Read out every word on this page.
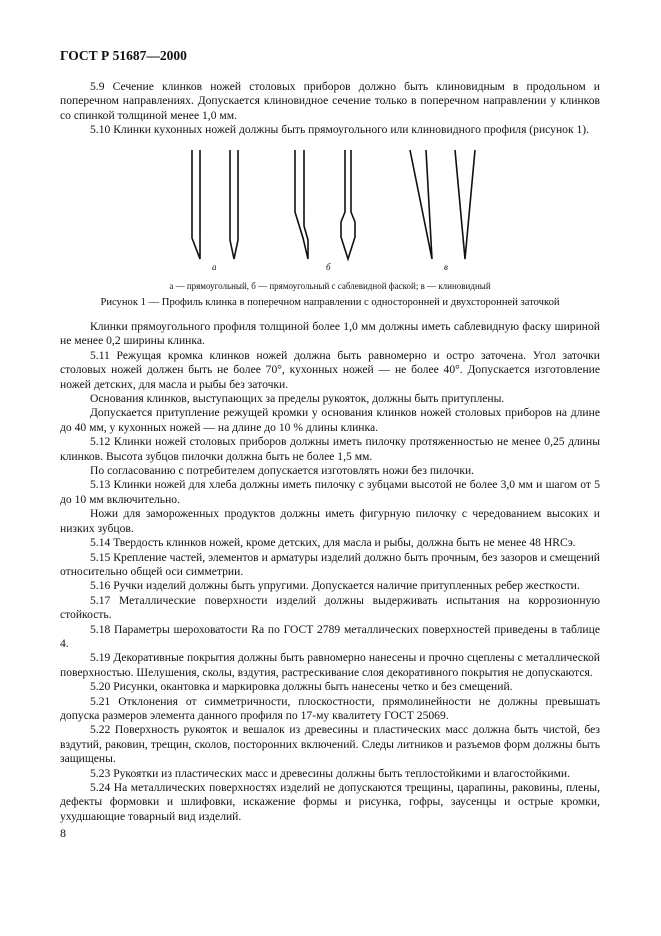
ГОСТ Р 51687—2000

5.9 Сечение клинков ножей столовых приборов должно быть клиновидным в продольном и поперечном направлениях. Допускается клиновидное сечение только в поперечном направлении у клинков со спинкой толщиной менее 1,0 мм.

5.10 Клинки кухонных ножей должны быть прямоугольного или клиновидного профиля (рисунок 1).

а	б	в
а — прямоугольный, б — прямоугольный с саблевидной фаской; в — клиновидный
Рисунок 1 — Профиль клинка в поперечном направлении с односторонней и двухсторонней заточкой

Клинки прямоугольного профиля толщиной более 1,0 мм должны иметь саблевидную фаску шириной не менее 0,2 ширины клинка.

5.11 Режущая кромка клинков ножей должна быть равномерно и остро заточена. Угол заточки столовых ножей должен быть не более 70°, кухонных ножей — не более 40°. Допускается изготовление ножей детских, для масла и рыбы без заточки.

Основания клинков, выступающих за пределы рукояток, должны быть притуплены.

Допускается притупление режущей кромки у основания клинков ножей столовых приборов на длине до 40 мм, у кухонных ножей — на длине до 10 % длины клинка.

5.12 Клинки ножей столовых приборов должны иметь пилочку протяженностью не менее 0,25 длины клинков. Высота зубцов пилочки должна быть не более 1,5 мм.

По согласованию с потребителем допускается изготовлять ножи без пилочки.

5.13 Клинки ножей для хлеба должны иметь пилочку с зубцами высотой не более 3,0 мм и шагом от 5 до 10 мм включительно.

Ножи для замороженных продуктов должны иметь фигурную пилочку с чередованием высоких и низких зубцов.

5.14 Твердость клинков ножей, кроме детских, для масла и рыбы, должна быть не менее 48 HRCэ.

5.15 Крепление частей, элементов и арматуры изделий должно быть прочным, без зазоров и смещений относительно общей оси симметрии.

5.16 Ручки изделий должны быть упругими. Допускается наличие притупленных ребер жесткости.

5.17 Металлические поверхности изделий должны выдерживать испытания на коррозионную стойкость.

5.18 Параметры шероховатости Ra по ГОСТ 2789 металлических поверхностей приведены в таблице 4.

5.19 Декоративные покрытия должны быть равномерно нанесены и прочно сцеплены с металлической поверхностью. Шелушения, сколы, вздутия, растрескивание слоя декоративного покрытия не допускаются.

5.20 Рисунки, окантовка и маркировка должны быть нанесены четко и без смещений.

5.21 Отклонения от симметричности, плоскостности, прямолинейности не должны превышать допуска размеров элемента данного профиля по 17-му квалитету ГОСТ 25069.

5.22 Поверхность рукояток и вешалок из древесины и пластических масс должна быть чистой, без вздутий, раковин, трещин, сколов, посторонних включений. Следы литников и разъемов форм должны быть защищены.

5.23 Рукоятки из пластических масс и древесины должны быть теплостойкими и влагостойкими.

5.24 На металлических поверхностях изделий не допускаются трещины, царапины, раковины, плены, дефекты формовки и шлифовки, искажение формы и рисунка, гофры, заусенцы и острые кромки, ухудшающие товарный вид изделий.

8
